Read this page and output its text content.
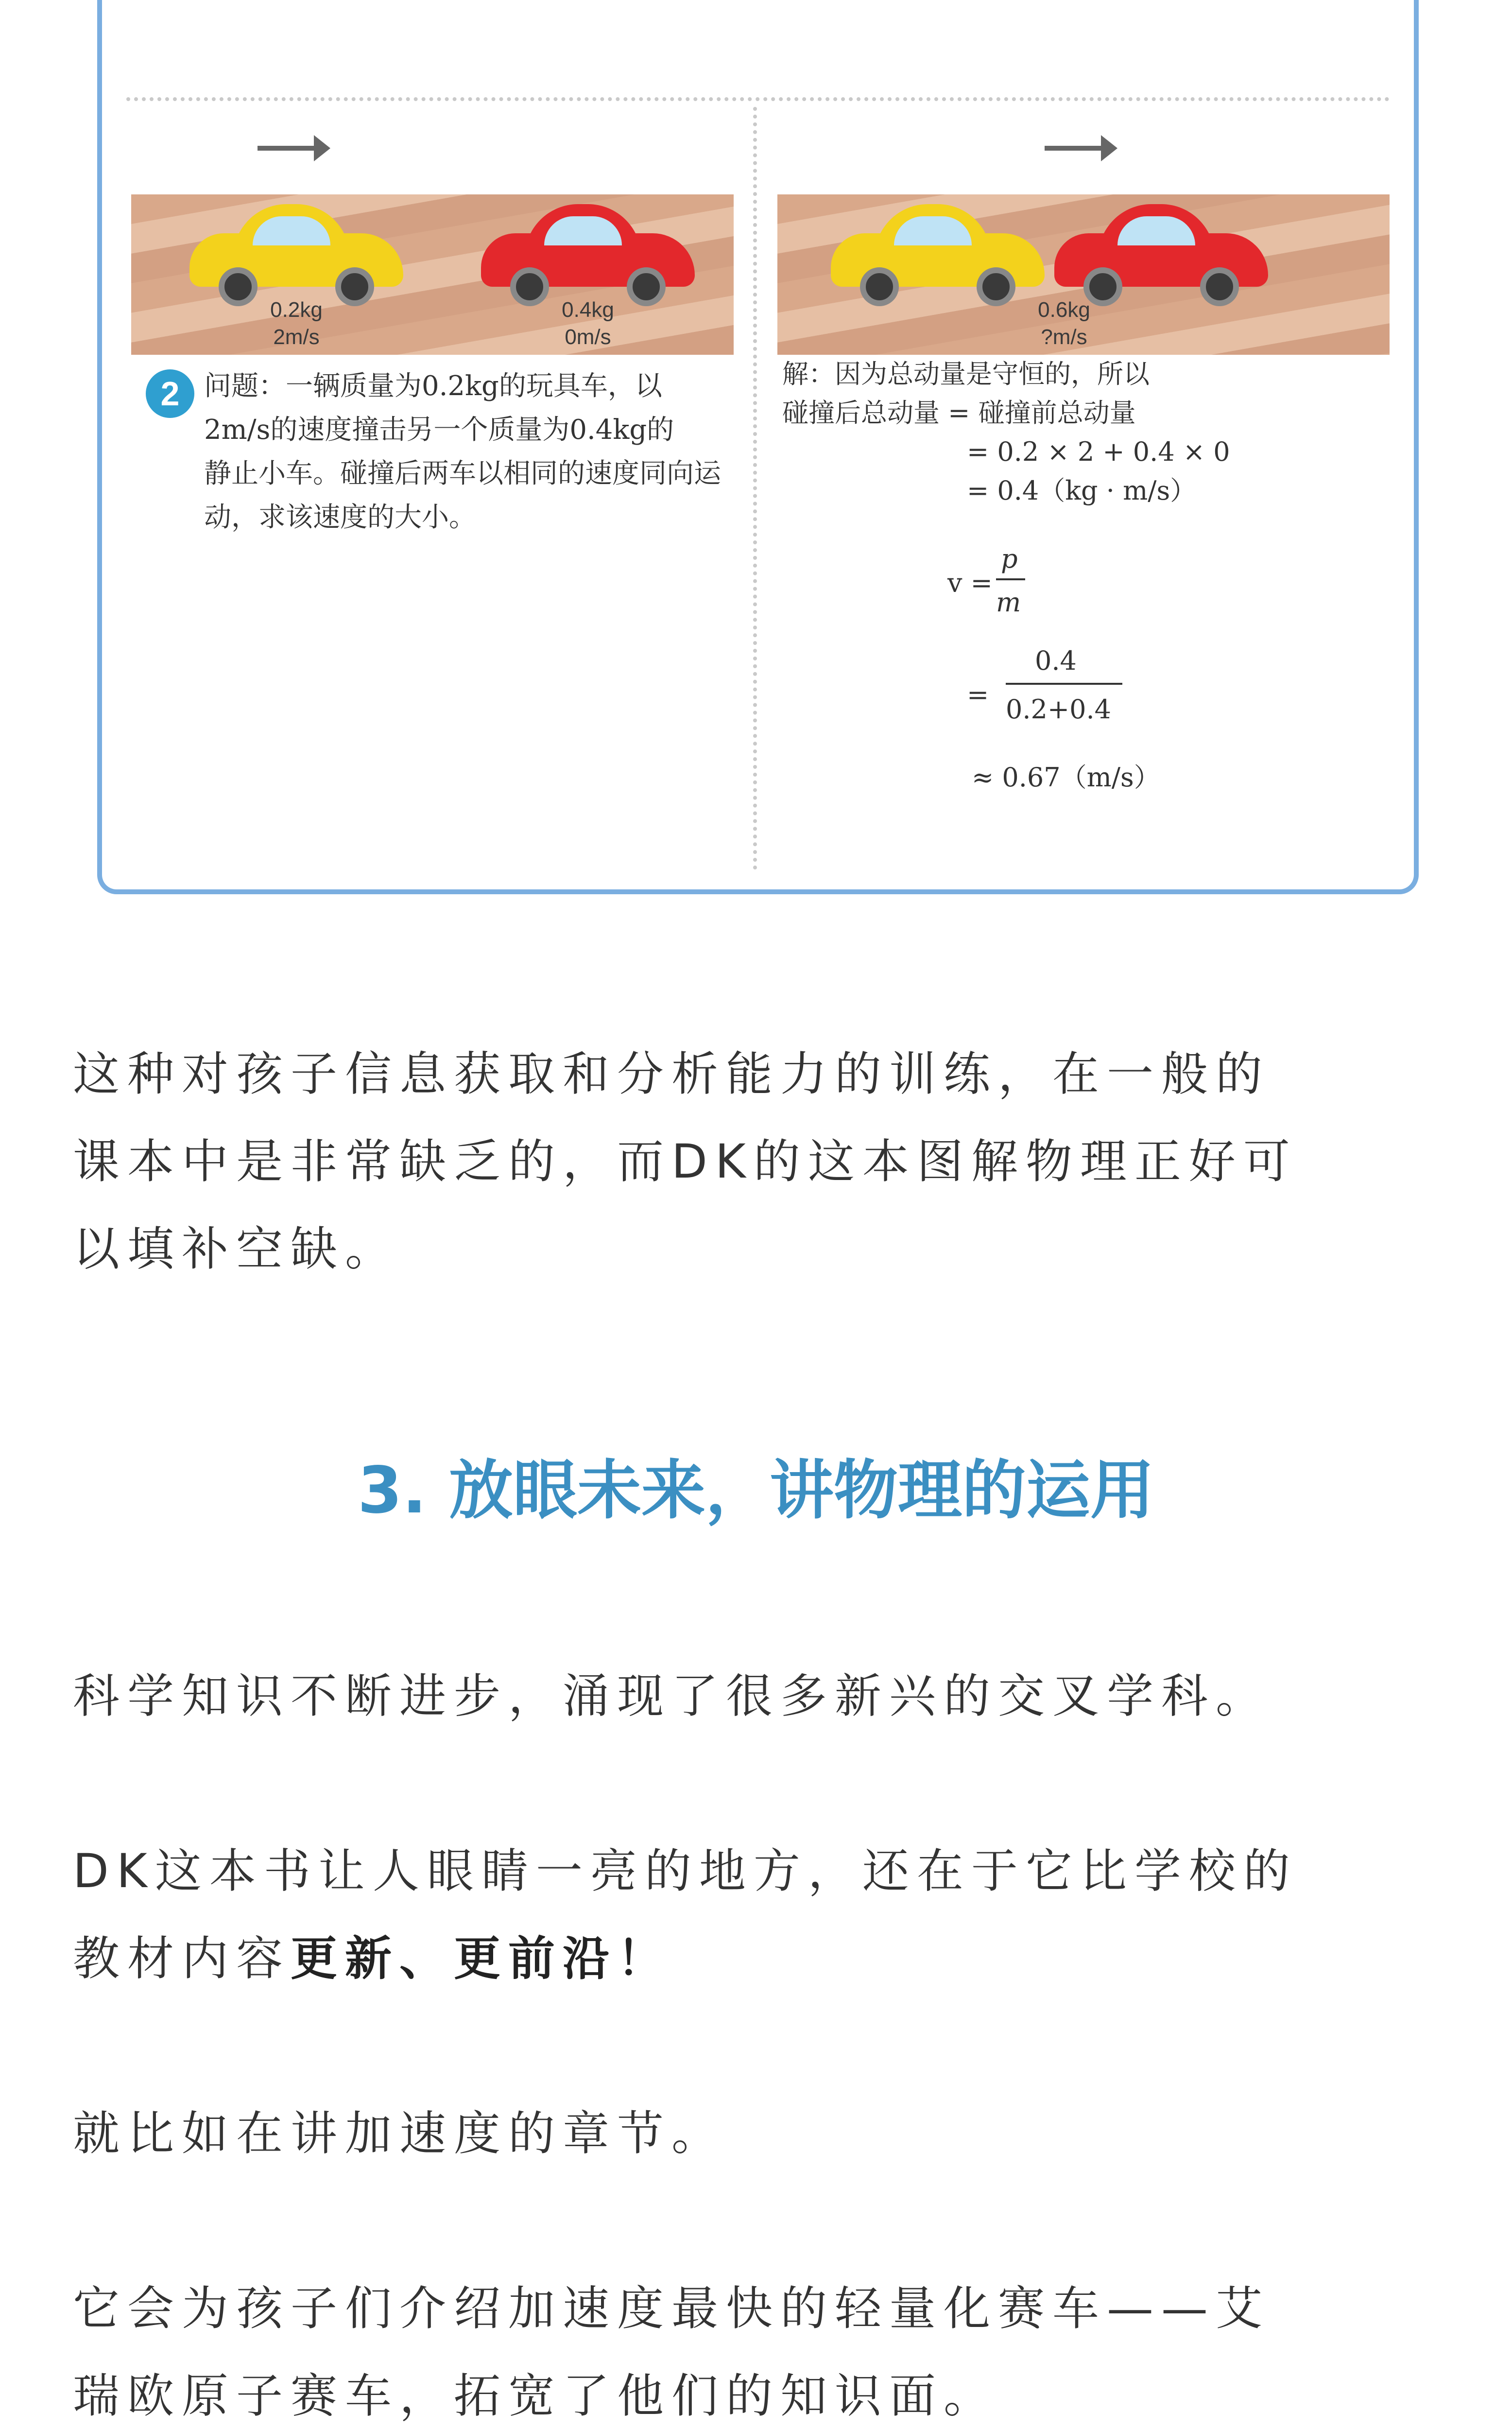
0.2kg
2m/s
0.4kg
0m/s
0.6kg
?m/s
2 问题：一辆质量为0.2kg的玩具车，以
2m/s的速度撞击另一个质量为0.4kg的
静止小车。碰撞后两车以相同的速度同向运
动，求该速度的大小。
解：因为总动量是守恒的，所以
碰撞后总动量 = 碰撞前总动量
= 0.2 × 2 + 0.4 × 0
= 0.4（kg · m/s）
v =
p
m
=
0.4
0.2+0.4
≈ 0.67（m/s）
这种对孩子信息获取和分析能力的训练，在一般的
课本中是非常缺乏的，而DK的这本图解物理正好可
以填补空缺。
3. 放眼未来，讲物理的运用
科学知识不断进步，涌现了很多新兴的交叉学科。
DK这本书让人眼睛一亮的地方，还在于它比学校的
教材内容更新、更前沿！
就比如在讲加速度的章节。
它会为孩子们介绍加速度最快的轻量化赛车——艾
瑞欧原子赛车，拓宽了他们的知识面。
